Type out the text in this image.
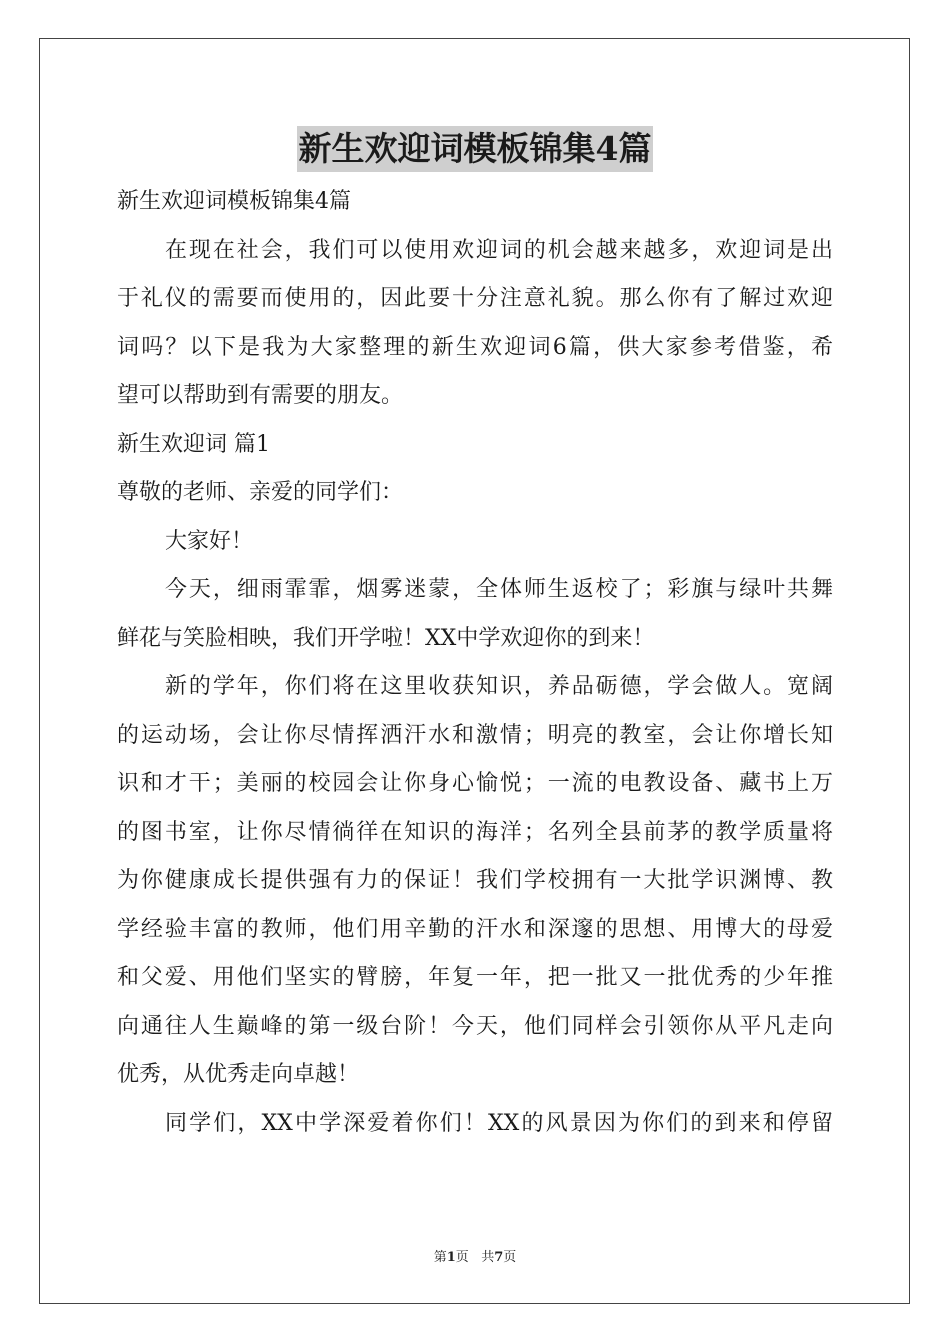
新生欢迎词模板锦集4篇

新生欢迎词模板锦集4篇

在现在社会，我们可以使用欢迎词的机会越来越多，欢迎词是出

于礼仪的需要而使用的，因此要十分注意礼貌。那么你有了解过欢迎

词吗？以下是我为大家整理的新生欢迎词6篇，供大家参考借鉴，希

望可以帮助到有需要的朋友。

新生欢迎词 篇1

尊敬的老师、亲爱的同学们：

大家好！

今天，细雨霏霏，烟雾迷蒙，全体师生返校了；彩旗与绿叶共舞

鲜花与笑脸相映，我们开学啦！XX中学欢迎你的到来！

新的学年，你们将在这里收获知识，养品砺德，学会做人。宽阔

的运动场，会让你尽情挥洒汗水和激情；明亮的教室，会让你增长知

识和才干；美丽的校园会让你身心愉悦；一流的电教设备、藏书上万

的图书室，让你尽情徜徉在知识的海洋；名列全县前茅的教学质量将

为你健康成长提供强有力的保证！我们学校拥有一大批学识渊博、教

学经验丰富的教师，他们用辛勤的汗水和深邃的思想、用博大的母爱

和父爱、用他们坚实的臂膀，年复一年，把一批又一批优秀的少年推

向通往人生巅峰的第一级台阶！今天，他们同样会引领你从平凡走向

优秀，从优秀走向卓越！

同学们，XX中学深爱着你们！XX的风景因为你们的到来和停留

第1页 共7页
